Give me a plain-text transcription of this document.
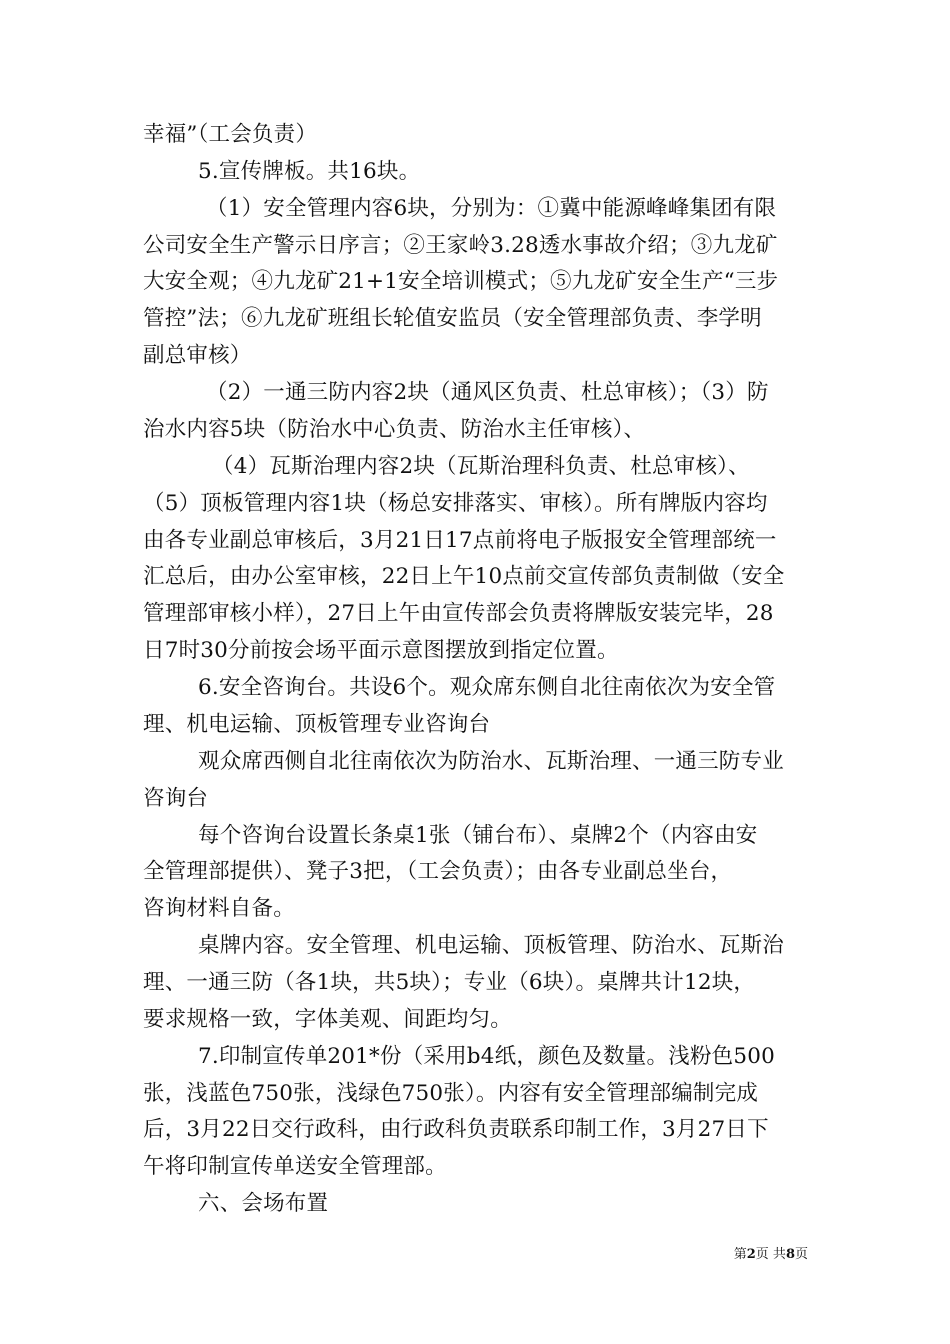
幸福”（工会负责）
5.宣传牌板。共16块。
（1）安全管理内容6块，分别为：①冀中能源峰峰集团有限
公司安全生产警示日序言；②王家岭3.28透水事故介绍；③九龙矿
大安全观；④九龙矿21+1安全培训模式；⑤九龙矿安全生产“三步
管控”法；⑥九龙矿班组长轮值安监员（安全管理部负责、李学明
副总审核）
（2）一通三防内容2块（通风区负责、杜总审核）；（3）防
治水内容5块（防治水中心负责、防治水主任审核）、
（4）瓦斯治理内容2块（瓦斯治理科负责、杜总审核）、
（5）顶板管理内容1块（杨总安排落实、审核）。所有牌版内容均
由各专业副总审核后，3月21日17点前将电子版报安全管理部统一
汇总后，由办公室审核，22日上午10点前交宣传部负责制做（安全
管理部审核小样），27日上午由宣传部会负责将牌版安装完毕，28
日7时30分前按会场平面示意图摆放到指定位置。
6.安全咨询台。共设6个。观众席东侧自北往南依次为安全管
理、机电运输、顶板管理专业咨询台
观众席西侧自北往南依次为防治水、瓦斯治理、一通三防专业
咨询台
每个咨询台设置长条桌1张（铺台布）、桌牌2个（内容由安
全管理部提供）、凳子3把，（工会负责）；由各专业副总坐台，
咨询材料自备。
桌牌内容。安全管理、机电运输、顶板管理、防治水、瓦斯治
理、一通三防（各1块，共5块）；专业（6块）。桌牌共计12块，
要求规格一致，字体美观、间距均匀。
7.印制宣传单201*份（采用b4纸，颜色及数量。浅粉色500
张，浅蓝色750张，浅绿色750张）。内容有安全管理部编制完成
后，3月22日交行政科，由行政科负责联系印制工作，3月27日下
午将印制宣传单送安全管理部。
六、会场布置
第2页 共8页
